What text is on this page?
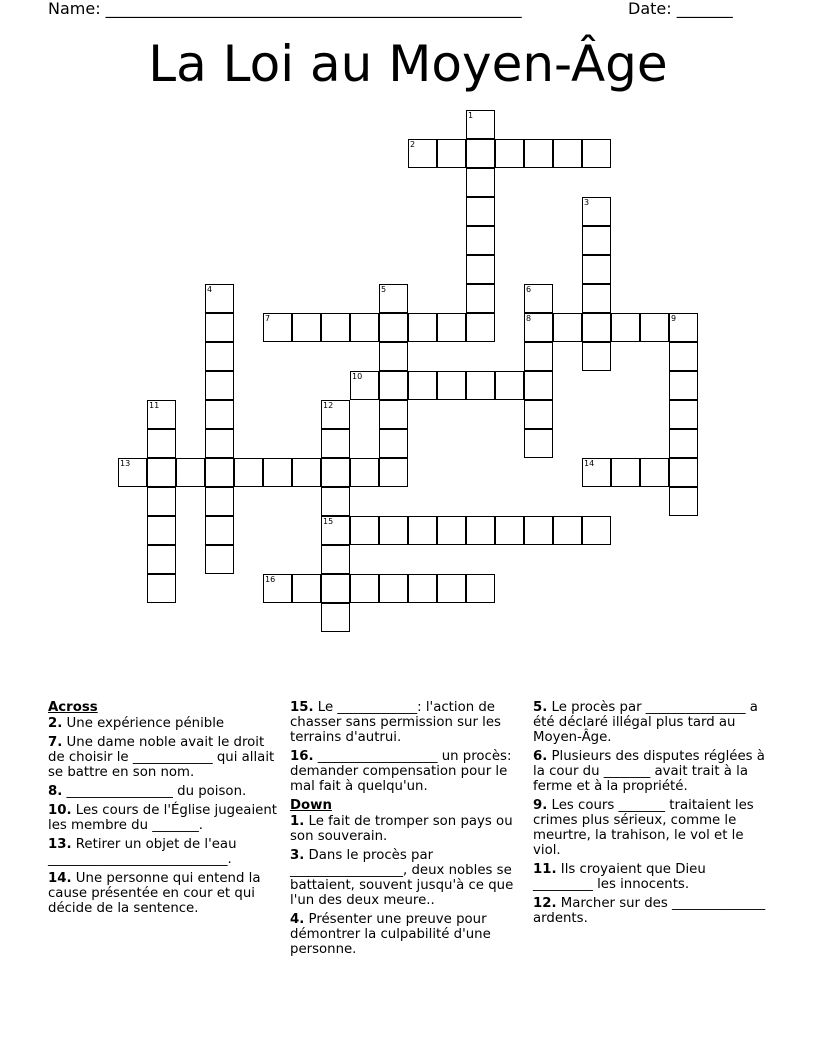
Name: ____________________________________________________	Date: _______
La Loi au Moyen-Âge
1
2
3
4	5	6
8
7	9
10
11	12
15
13	14
16
Across
2. Une expérience pénible
7. Une dame noble avait le droit de choisir le ____________ qui allait se battre en son nom.
8. ________________ du poison.
10. Les cours de l'Église jugeaient les membre du _______.
13. Retirer un objet de l'eau ___________________________.
14. Une personne qui entend la cause présentée en cour et qui décide de la sentence.
15. Le ____________: l'action de chasser sans permission sur les terrains d'autrui.
16. __________________ un procès: demander compensation pour le mal fait à quelqu'un.
Down
1. Le fait de tromper son pays ou son souverain.
3. Dans le procès par _________________, deux nobles se battaient, souvent jusqu'à ce que l'un des deux meure..
4. Présenter une preuve pour démontrer la culpabilité d'une personne.
5. Le procès par _______________ a été déclaré illégal plus tard au Moyen-Âge.
6. Plusieurs des disputes réglées à la cour du _______ avait trait à la ferme et à la propriété.
9. Les cours _______ traitaient les crimes plus sérieux, comme le meurtre, la trahison, le vol et le viol.
11. Ils croyaient que Dieu _________ les innocents.
12. Marcher sur des ______________ ardents.
